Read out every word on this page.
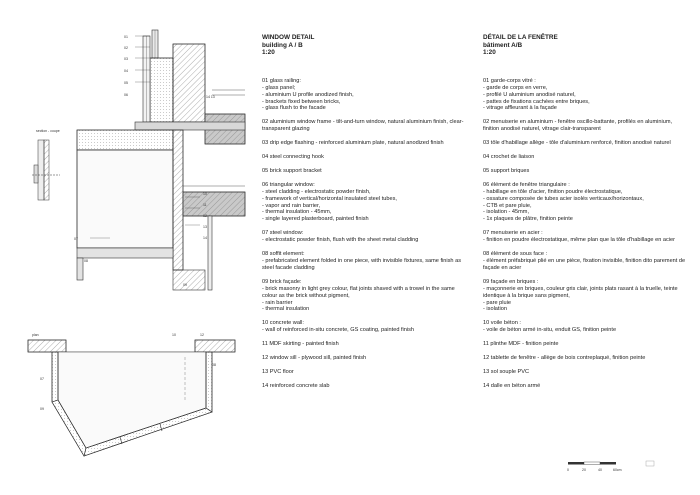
section - coupe
01
02
03
04
05
06
07
08
09
10
11
12
13
14
14 13
plan
07
09
10	12
08
WINDOW DETAIL
building A / B
1:20
01 glass railing:
- glass panel;
- aluminium U profile anodized finish,
- brackets fixed between bricks,
- glass flush to the facade
02 aluminium window frame - tilt-and-turn window, natural aluminium finish, clear-transparent glazing
03 drip edge flashing - reinforced aluminium plate, natural anodized finish
04 steel connecting hook
05 brick support bracket
06 triangular window:
- steel cladding - electrostatic powder finish,
- framework of vertical/horizontal insulated steel tubes,
- vapor and rain barrier,
- thermal insulation - 45mm,
- single layered plasterboard, painted finish
07 steel window:
- electrostatic powder finish, flush with the sheet metal cladding
08 soffit element:
- prefabricated element folded in one piece, with invisible fixtures, same finish as steel facade cladding
09 brick façade:
- brick masonry in light grey colour, flat joints shaved with a trowel in the same colour as the brick without pigment,
- rain barrier
- thermal insulation
10 concrete wall:
- wall of reinforced in-situ concrete, GS coating, painted finish
11 MDF skirting - painted finish
12 window sill - plywood sill, painted finish
13 PVC floor
14 reinforced concrete slab
DÉTAIL DE LA FENÊTRE
bâtiment A/B
1:20
01 garde-corps vitré :
- garde de corps en verre,
- profilé U aluminium anodisé naturel,
- pattes de fixations cachées entre briques,
- vitrage affleurant à la façade
02 menuiserie en aluminium - fenêtre oscillo-battante, profilés en aluminium, finition anodisé naturel, vitrage clair-transparent
03 tôle d'habillage allège - tôle d'aluminium renforcé, finition anodisé naturel
04 crochet de liaison
05 support briques
06 élément de fenêtre triangulaire :
- habillage en tôle d'acier, finition poudre électrostatique,
- ossature composée de tubes acier isolés verticaux/horizontaux,
- CTB et pare pluie,
- isolation - 45mm,
- 1x plaques de plâtre, finition peinte
07 menuiserie en acier :
- finition en poudre électrostatique, même plan que la tôle d'habillage en acier
08 élément de sous face :
- élément préfabriqué plié en une pièce, fixation invisible, finition dito parement de façade en acier
09 façade en briques :
- maçonnerie en briques, couleur gris clair, joints plats rasant à la truelle, teinte identique à la brique sans pigment,
- pare pluie
- isolation
10 voile béton :
- voile de béton armé in-situ, enduit GS, finition peinte
11 plinthe MDF - finition peinte
12 tablette de fenêtre - allège de bois contreplaqué, finition peinte
13 sol souple PVC
14 dalle en béton armé
0	20	40	60cm
